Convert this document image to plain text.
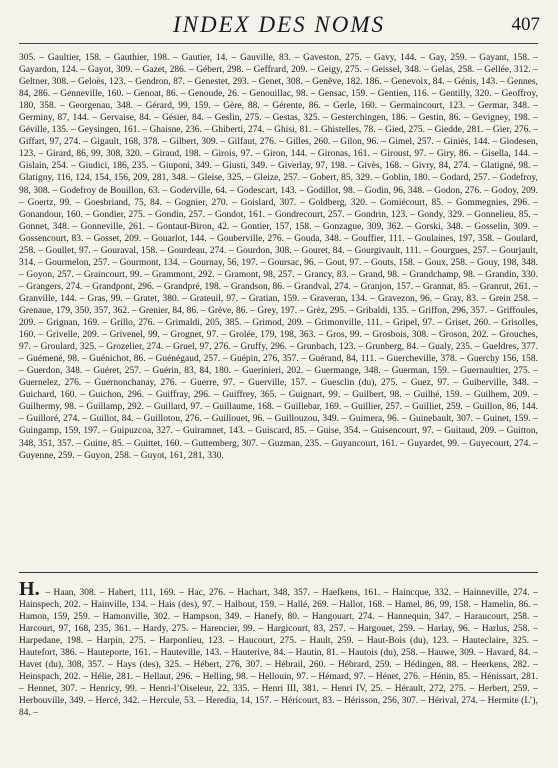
INDEX DES NOMS	407

305. – Gaultier, 158. – Gauthier, 198. – Gautier, 14. – Gauville, 83. – Gaveston, 275. – Gavy, 144. – Gay, 259. – Gayant, 158. – Gayardon, 124. – Gayot, 309. – Gazet, 286. – Gébert, 298. – Geffrard, 209. – Geigy, 275. – Geissel, 348. – Gelas, 258. – Gellée, 312. – Geltner, 308. – Geloës, 123. – Gendron, 87. – Genestet, 293. – Genet, 308. – Genêve, 182. 186. – Genevoix, 84. – Génis, 143. – Gennes, 84, 286. – Genneville, 160. – Genoat, 86. – Genoude, 26. – Genouillac, 98. – Gensac, 159. – Gentien, 116. – Gentilly, 320. – Geoffroy, 180, 358. – Georgenau, 348. – Gérard, 99, 159. – Gère, 88. – Gérente, 86. – Gerle, 160. – Germaincourt, 123. – Germar, 348. – Germiny, 87, 144. – Gervaise, 84. – Gésier, 84. – Geslin, 275. – Gestas, 325. – Gesterchingen, 186. – Gestin, 86. – Gevigney, 198. – Géville, 135. – Geysingen, 161. – Ghaisne, 236. – Ghiberti, 274. – Ghisi, 81. – Ghistelles, 78. – Gied, 275. – Giedde, 281. – Gier, 276. – Giffart, 97, 274. – Gigault, 168, 378. – Gilbert, 309. – Gilfaut, 276. – Gilles, 260. – Gilon, 96. – Gimel, 257. – Giniès, 144. – Giodesen, 123. – Girard, 86, 99, 308, 320. – Giraud, 198. – Girois, 97. – Giron, 144. – Gironas, 161. – Giroust, 97. – Giry, 86. – Gisella, 144. – Gislain, 254. – Giudici, 186, 235. – Giuponi, 349. – Giusti, 349. – Giverlay, 97, 198. – Givès, 168. – Givry, 84, 274. – Glatigné, 98. – Glatigny, 116, 124, 154, 156, 209, 281, 348. – Gleise, 325. – Gleize, 257. – Gobert, 85, 329. – Goblin, 180. – Godard, 257. – Godefroy, 98, 308. – Godefroy de Bouillon, 63. – Goderville, 64. – Godescart, 143. – Godillot, 98. – Godin, 96, 348. – Godon, 276. – Godoy, 209. – Goertz, 99. – Goesbriand, 75, 84. – Gognier, 270. – Goislard, 307. – Goldberg, 320. – Gomiécourt, 85. – Gommegnies, 296. – Gonandour, 160. – Gondier, 275. – Gondin, 257. – Gondot, 161. – Gondrecourt, 257. – Gondrin, 123. – Gondy, 329. – Gonnelieu, 85. – Gonnet, 348. – Gonneville, 261. – Gontaut-Biron, 42. – Gontier, 157, 158. – Gonzague, 309, 362. – Gorski, 348. – Gosselin, 309. – Gossencourt, 83. – Gosset, 209. – Gouarlot, 144. – Gouberville, 276. – Gouda, 348. – Gouffier, 111. – Goulaines, 197, 358. – Goulard, 258. – Goullet, 97. – Gouraval, 158. – Gourdeau, 274. – Gourdon, 308. – Gouret, 84. – Gourgivault, 111. – Gourgues, 257. – Gourjault, 314. – Gourmelon, 257. – Gourmont, 134. – Gournay, 56, 197. – Goursac, 96. – Gout, 97. – Gouts, 158. – Goux, 258. – Gouy, 198, 348. – Goyon, 257. – Graincourt, 99. – Grammont, 292. – Gramont, 98, 257. – Grancy, 83. – Grand, 98. – Grandchamp, 98. – Grandin, 330. – Grangers, 274. – Grandpont, 296. – Grandpré, 198. – Grandson, 86. – Grandval, 274. – Granjon, 157. – Grannat, 85. – Granrut, 261. – Granville, 144. – Gras, 99. – Gratet, 380. – Grateuil, 97. – Gratian, 159. – Graveran, 134. – Gravezon, 96. – Gray, 83. – Grein 258. – Grenaue, 179, 350, 357, 362. – Grenier, 84, 86. – Grève, 86. – Grey, 197. – Grèz, 295. – Gribaldi, 135. – Griffon, 296, 357. – Griffoules, 209. – Grignan, 169. – Grillo, 276. – Grimaldi, 205, 385. – Grimod, 209. – Grimonville, 111. – Gripel, 97. – Griset, 260. – Grisolles, 160. – Grivelle, 209. – Grivenel, 99. – Grognet, 97. – Grolée, 179, 198, 363. – Gros, 99. – Grosbois, 308. – Groson, 202. – Grouches, 97. – Groulard, 325. – Grozelier, 274. – Gruel, 97, 276. – Gruffy, 296. – Grunbach, 123. – Grunberg, 84. – Gualy, 235. – Gueldres, 377. – Guémené, 98. – Guénichot, 86. – Guénégaud, 257. – Guépin, 276, 357. – Guérand, 84, 111. – Guercheville, 378. – Guerchy 156, 158. – Guerdon, 348. – Guéret, 257. – Guérin, 83, 84, 180. – Guerinieri, 202. – Guermange, 348. – Guerman, 159. – Guernaultier, 275. – Guernelez, 276. – Guernonchanay, 276. – Guerre, 97. – Guerville, 157. – Guesclin (du), 275. – Guez, 97. – Guiberville, 348. – Guichard, 160. – Guichon, 296. – Guiffray, 296. – Guiffrey, 365. – Guignart, 99. – Guilbert, 98. – Guilhé, 159. – Guilhem, 209. – Guilhermy, 98. – Guillamp, 292. – Guillard, 97. – Guillaume, 168. – Guillebar, 169. – Guillier, 257. – Guilliet, 259. – Guillon, 86, 144. – Guilloré, 274. – Guillot, 84. – Guillotou, 276. – Guillouet, 96. – Guillouzou, 349. – Guimera, 96. – Guinebault, 307. – Guinet, 159. – Guingamp, 159, 197. – Guipuzcoa, 327. – Guiramnet, 143. – Guiscard, 85. – Guise, 354. – Guisencourt, 97. – Guitaud, 209. – Guitton, 348, 351, 357. – Guitte, 85. – Guittet, 160. – Guttemberg, 307. – Guzman, 235. – Guyancourt, 161. – Guyardet, 99. – Guyecourt, 274. – Guyenne, 259. – Guyon, 258. – Guyot, 161, 281, 330.

H. – Haan, 308. – Habert, 111, 169. – Hac, 276. – Hachart, 348, 357. – Haefkens, 161. – Haincque, 332. – Hainneville, 274. – Hainspech, 202. – Hainville, 134. – Hais (des), 97. – Halbout, 159. – Hallé, 269. – Hallot, 168. – Hamel, 86, 99, 158. – Hamelin, 86. – Hamon, 159, 259. – Hamonville, 302. – Hampson, 349. – Hanefy, 80. – Hangouart, 274. – Hannequin, 347. – Haraucourt, 258. – Harcourt, 97, 168, 235, 361. – Hardy, 275. – Harencier, 99. – Hargicourt, 83, 257. – Hargouet, 259. – Harlay, 96. – Harlus, 258. – Harpedane, 198. – Harpin, 275. – Harponlieu, 123. – Haucourt, 275. – Hault, 259. – Haut-Bois (du), 123. – Hauteclaire, 325. – Hautefort, 386. – Hauteporte, 161. – Hauteville, 143. – Hauterive, 84. – Hautin, 81. – Hautois (du), 258. – Hauwe, 309. – Havard, 84. – Havet (du), 308, 357. – Hays (des), 325. – Hébert, 276, 307. – Hébrail, 260. – Hébrard, 259. – Hédingen, 88. – Heerkens, 282. – Heinspach, 202. – Hélie, 281. – Hellaut, 296. – Helling, 98. – Hellouin, 97. – Hémard, 97. – Hénet, 276. – Hénin, 85. – Hénissart, 281. – Hennet, 307. – Henricy, 99. – Henri-l’Oiseleur, 22, 335. – Henri III, 381. – Henri IV, 25. – Hérault, 272, 275. – Herbert, 259. – Herbouville, 349. – Hercé, 342. – Hercule, 53. – Heredia, 14, 157. – Héricourt, 83. – Hérisson, 256, 307. – Hérival, 274. – Hermite (L’), 84. –
